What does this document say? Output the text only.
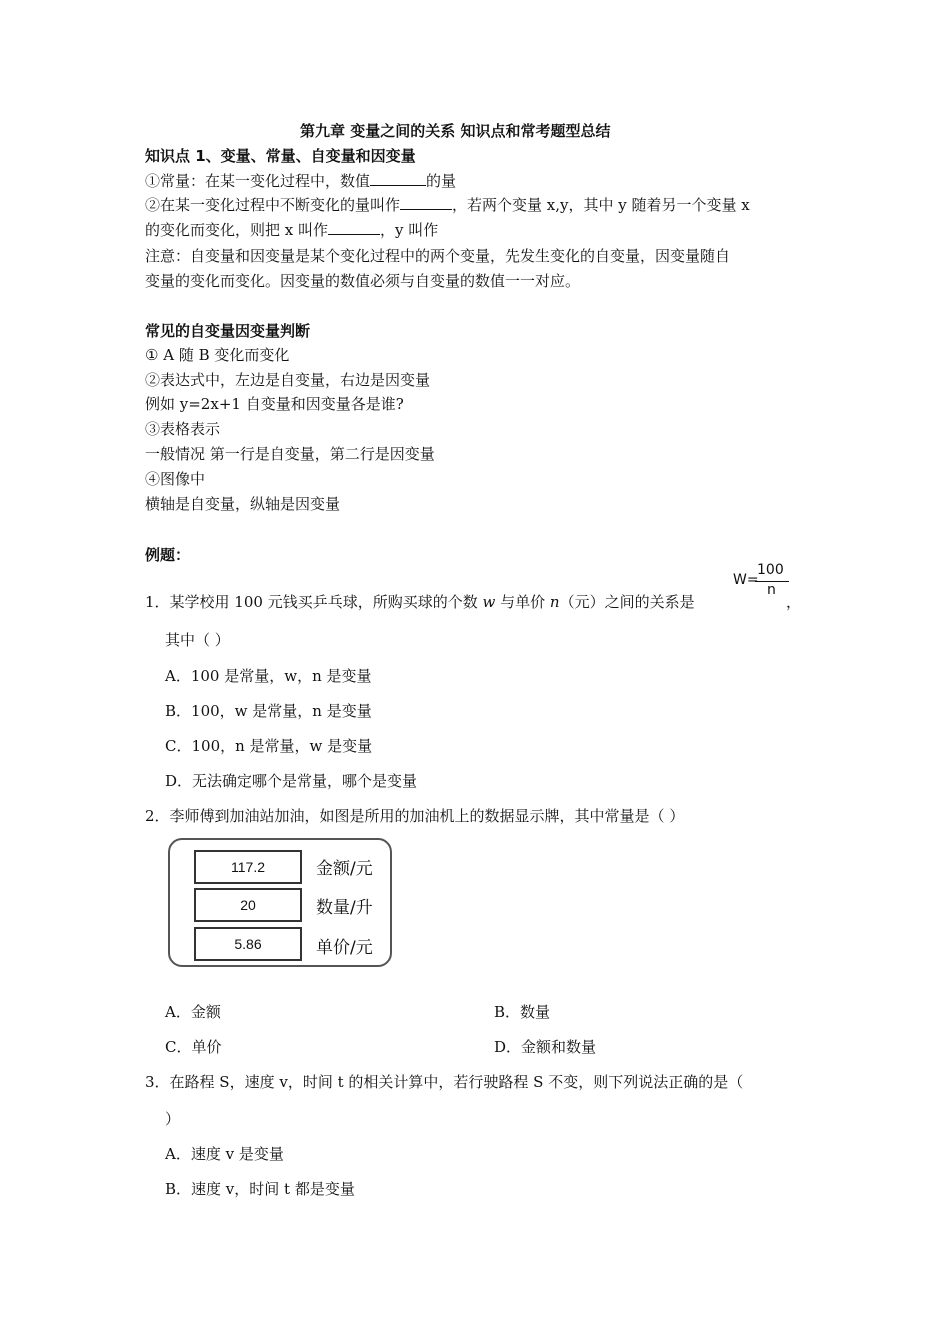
第九章 变量之间的关系 知识点和常考题型总结
知识点 1、变量、常量、自变量和因变量
①常量：在某一变化过程中，数值	的量
②在某一变化过程中不断变化的量叫作	，若两个变量 x,y，其中 y 随着另一个变量 x
的变化而变化，则把 x 叫作	，y 叫作
注意：自变量和因变量是某个变化过程中的两个变量，先发生变化的自变量，因变量随自
变量的变化而变化。因变量的数值必须与自变量的数值一一对应。
常见的自变量因变量判断
① A 随 B 变化而变化
②表达式中，左边是自变量，右边是因变量
例如 y=2x+1 自变量和因变量各是谁?
③表格表示
一般情况 第一行是自变量，第二行是因变量
④图像中
横轴是自变量，纵轴是因变量
例题：
1．某学校用 100 元钱买乒乓球，所购买球的个数 w 与单价 n（元）之间的关系是
W=
100
n
，
其中（ ）
A．100 是常量，w，n 是变量
B．100，w 是常量，n 是变量
C．100，n 是常量，w 是变量
D．无法确定哪个是常量，哪个是变量
2．李师傅到加油站加油，如图是所用的加油机上的数据显示牌，其中常量是（ ）
117.2	金额/元
20	数量/升
5.86	单价/元
A．金额	B．数量
C．单价	D．金额和数量
3．在路程 S，速度 v，时间 t 的相关计算中，若行驶路程 S 不变，则下列说法正确的是（
）
A．速度 v 是变量
B．速度 v，时间 t 都是变量
